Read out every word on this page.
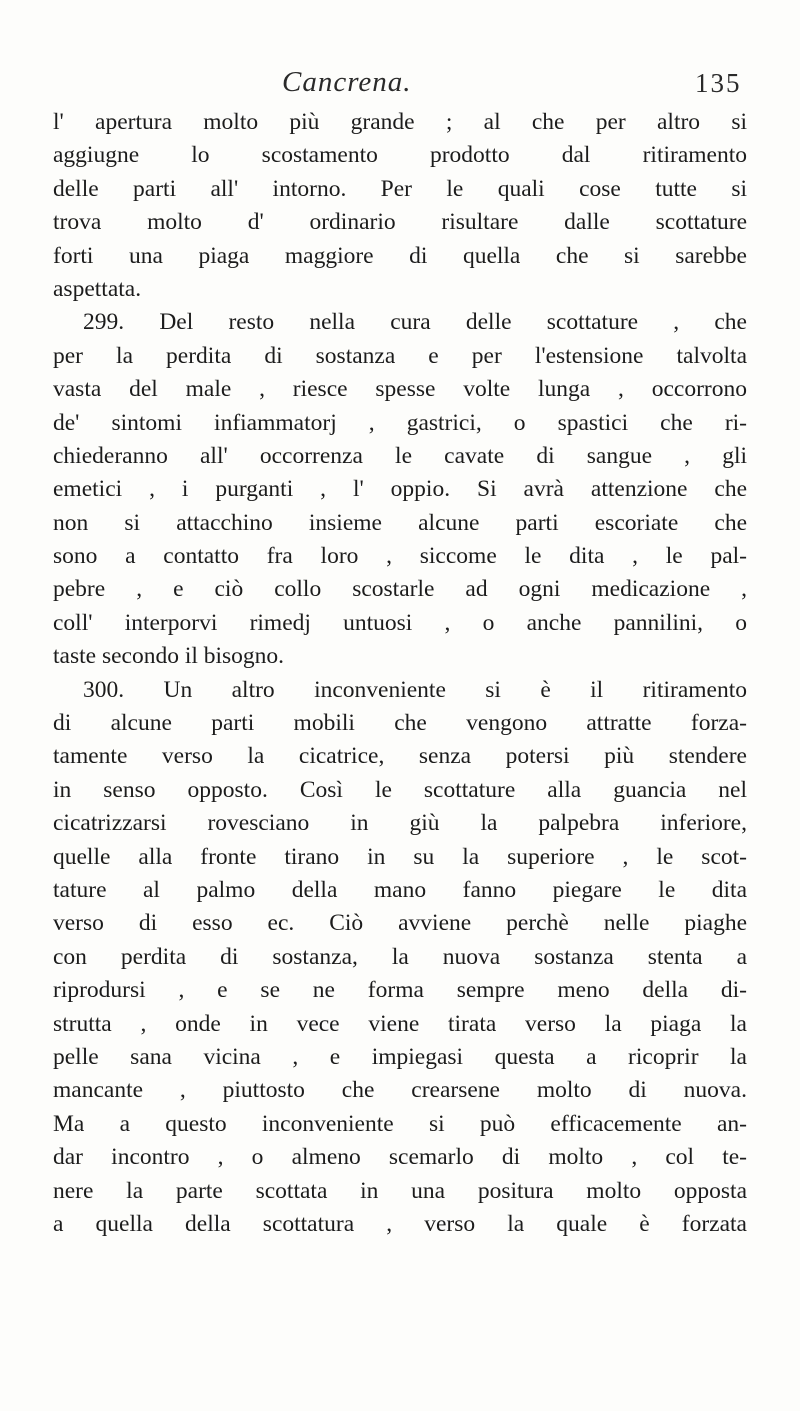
Cancrena.	135
l' apertura molto più grande ; al che per altro si
aggiugne lo scostamento prodotto dal ritiramento
delle parti all' intorno. Per le quali cose tutte si
trova molto d' ordinario risultare dalle scottature
forti una piaga maggiore di quella che si sarebbe
aspettata.
299. Del resto nella cura delle scottature , che
per la perdita di sostanza e per l'estensione talvolta
vasta del male , riesce spesse volte lunga , occorrono
de' sintomi infiammatorj , gastrici, o spastici che ri-
chiederanno all' occorrenza le cavate di sangue , gli
emetici , i purganti , l' oppio. Si avrà attenzione che
non si attacchino insieme alcune parti escoriate che
sono a contatto fra loro , siccome le dita , le pal-
pebre , e ciò collo scostarle ad ogni medicazione ,
coll' interporvi rimedj untuosi , o anche pannilini, o
taste secondo il bisogno.
300. Un altro inconveniente si è il ritiramento
di alcune parti mobili che vengono attratte forza-
tamente verso la cicatrice, senza potersi più stendere
in senso opposto. Così le scottature alla guancia nel
cicatrizzarsi rovesciano in giù la palpebra inferiore,
quelle alla fronte tirano in su la superiore , le scot-
tature al palmo della mano fanno piegare le dita
verso di esso ec. Ciò avviene perchè nelle piaghe
con perdita di sostanza, la nuova sostanza stenta a
riprodursi , e se ne forma sempre meno della di-
strutta , onde in vece viene tirata verso la piaga la
pelle sana vicina , e impiegasi questa a ricoprir la
mancante , piuttosto che crearsene molto di nuova.
Ma a questo inconveniente si può efficacemente an-
dar incontro , o almeno scemarlo di molto , col te-
nere la parte scottata in una positura molto opposta
a quella della scottatura , verso la quale è forzata
